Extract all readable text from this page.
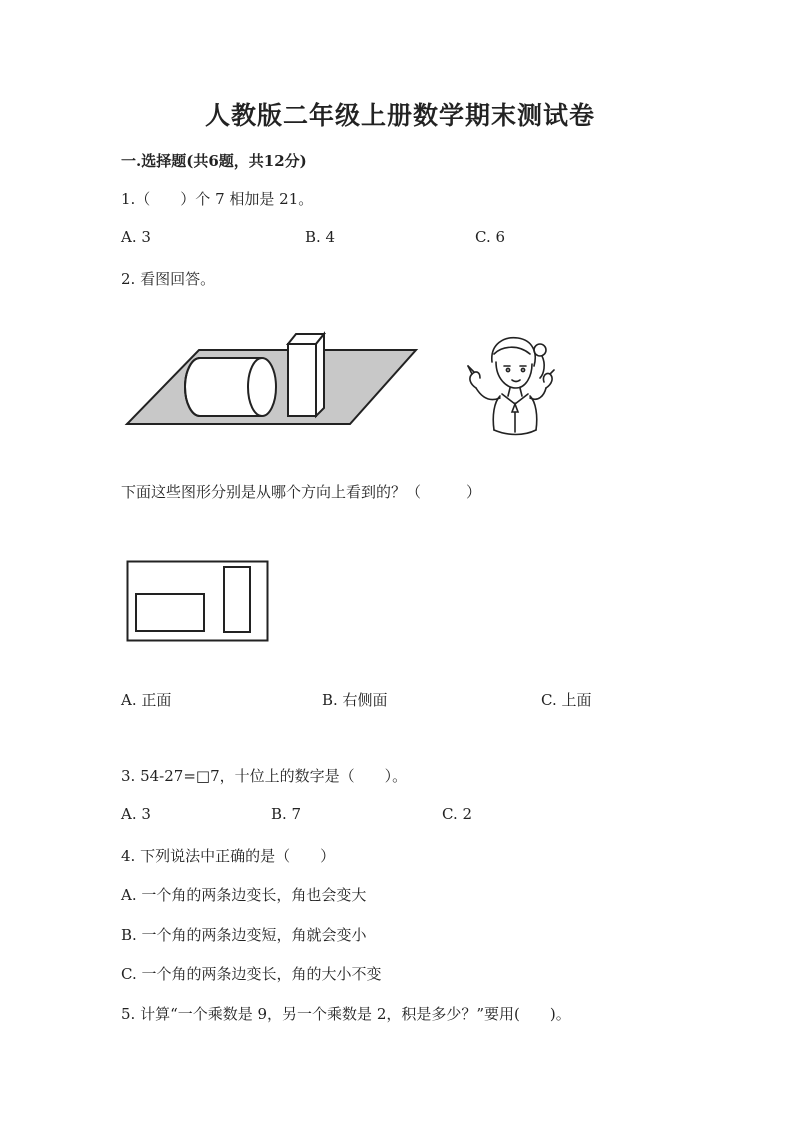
人教版二年级上册数学期末测试卷
一.选择题(共6题，共12分)
1.（　　）个 7 相加是 21。
A. 3	B. 4	C. 6
2. 看图回答。
下面这些图形分别是从哪个方向上看到的？（　　　）
A. 正面	B. 右侧面	C. 上面
3. 54-27=□7，十位上的数字是（　　）。
A. 3	B. 7	C. 2
4. 下列说法中正确的是（　　）
A. 一个角的两条边变长，角也会变大
B. 一个角的两条边变短，角就会变小
C. 一个角的两条边变长，角的大小不变
5. 计算“一个乘数是 9，另一个乘数是 2，积是多少？”要用(　　)。
